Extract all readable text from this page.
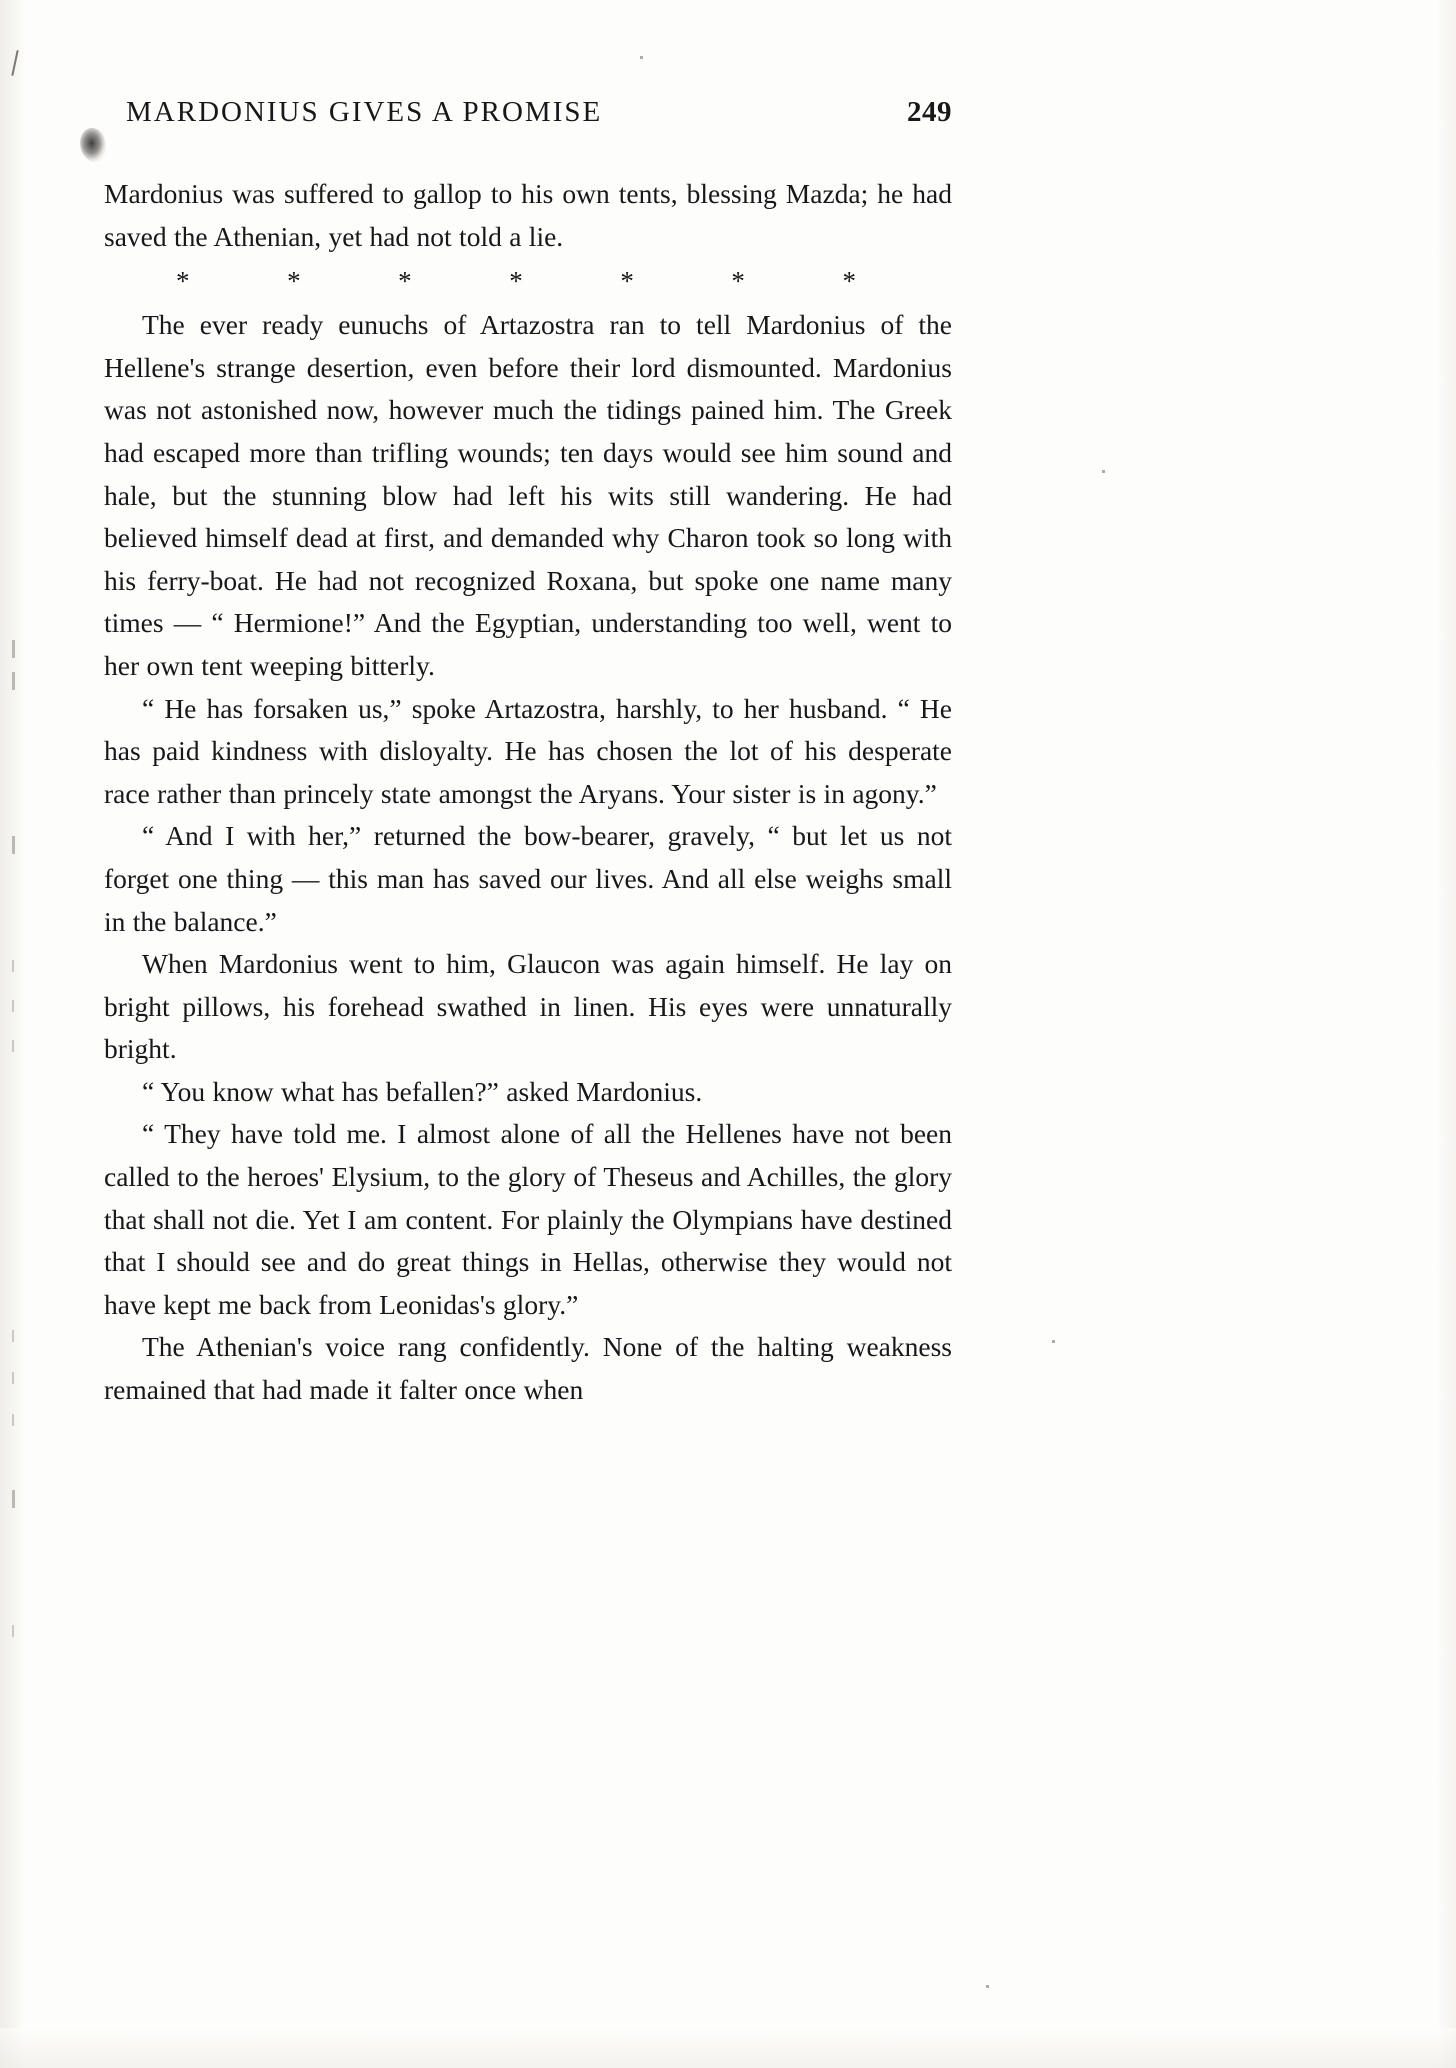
MARDONIUS GIVES A PROMISE	249

Mardonius was suffered to gallop to his own tents, blessing Mazda; he had saved the Athenian, yet had not told a lie.

*	*	*	*	*	*	*

The ever ready eunuchs of Artazostra ran to tell Mardonius of the Hellene's strange desertion, even before their lord dismounted. Mardonius was not astonished now, however much the tidings pained him. The Greek had escaped more than trifling wounds; ten days would see him sound and hale, but the stunning blow had left his wits still wandering. He had believed himself dead at first, and demanded why Charon took so long with his ferry-boat. He had not recognized Roxana, but spoke one name many times — “ Hermione!” And the Egyptian, understanding too well, went to her own tent weeping bitterly.

“ He has forsaken us,” spoke Artazostra, harshly, to her husband. “ He has paid kindness with disloyalty. He has chosen the lot of his desperate race rather than princely state amongst the Aryans. Your sister is in agony.”

“ And I with her,” returned the bow-bearer, gravely, “ but let us not forget one thing — this man has saved our lives. And all else weighs small in the balance.”

When Mardonius went to him, Glaucon was again himself. He lay on bright pillows, his forehead swathed in linen. His eyes were unnaturally bright.

“ You know what has befallen?” asked Mardonius.

“ They have told me. I almost alone of all the Hellenes have not been called to the heroes' Elysium, to the glory of Theseus and Achilles, the glory that shall not die. Yet I am content. For plainly the Olympians have destined that I should see and do great things in Hellas, otherwise they would not have kept me back from Leonidas's glory.”

The Athenian's voice rang confidently. None of the halting weakness remained that had made it falter once when
